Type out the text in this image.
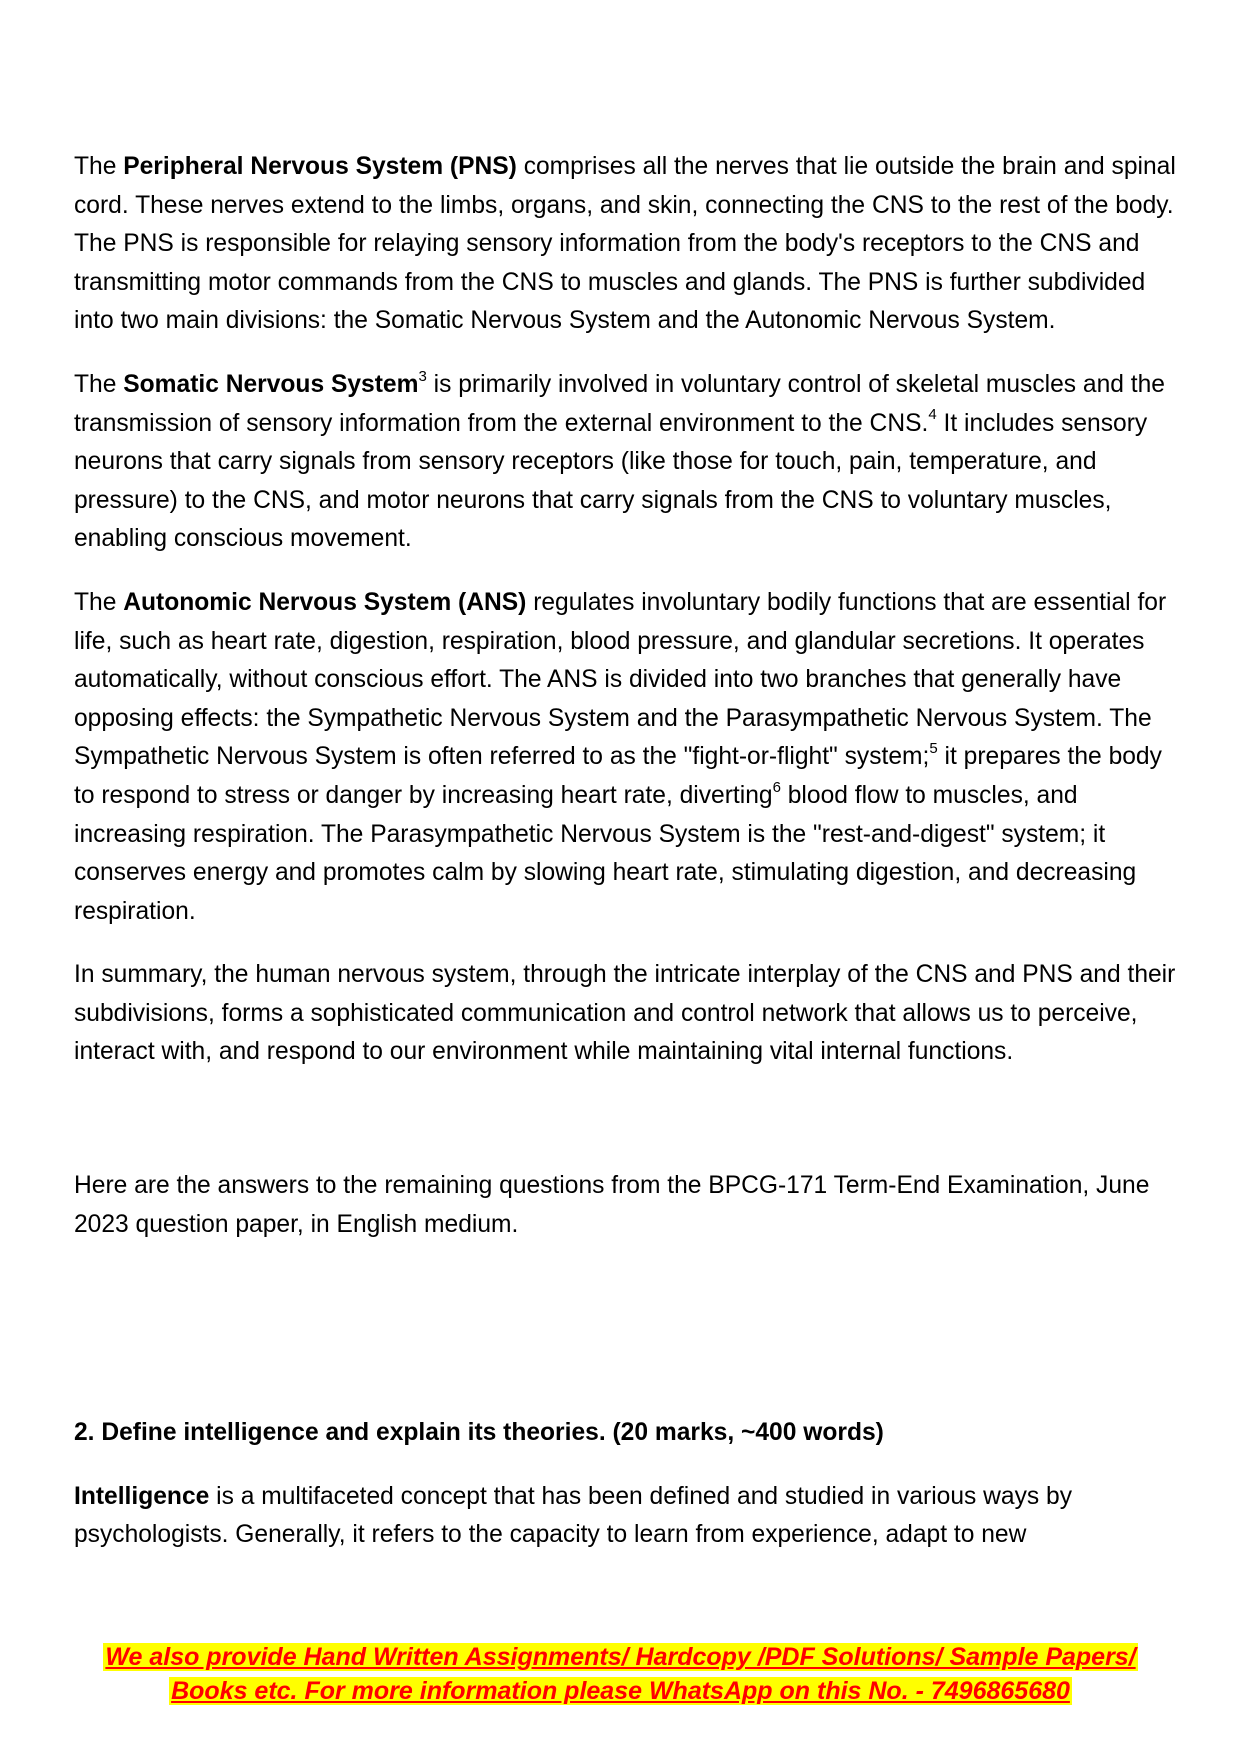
The Peripheral Nervous System (PNS) comprises all the nerves that lie outside the brain and spinal cord. These nerves extend to the limbs, organs, and skin, connecting the CNS to the rest of the body. The PNS is responsible for relaying sensory information from the body's receptors to the CNS and transmitting motor commands from the CNS to muscles and glands. The PNS is further subdivided into two main divisions: the Somatic Nervous System and the Autonomic Nervous System.

The Somatic Nervous System$^3$ is primarily involved in voluntary control of skeletal muscles and the transmission of sensory information from the external environment to the CNS.$^4$ It includes sensory neurons that carry signals from sensory receptors (like those for touch, pain, temperature, and pressure) to the CNS, and motor neurons that carry signals from the CNS to voluntary muscles, enabling conscious movement.

The Autonomic Nervous System (ANS) regulates involuntary bodily functions that are essential for life, such as heart rate, digestion, respiration, blood pressure, and glandular secretions. It operates automatically, without conscious effort. The ANS is divided into two branches that generally have opposing effects: the Sympathetic Nervous System and the Parasympathetic Nervous System. The Sympathetic Nervous System is often referred to as the "fight-or-flight" system;$^5$ it prepares the body to respond to stress or danger by increasing heart rate, diverting$^6$ blood flow to muscles, and increasing respiration. The Parasympathetic Nervous System is the "rest-and-digest" system; it conserves energy and promotes calm by slowing heart rate, stimulating digestion, and decreasing respiration.

In summary, the human nervous system, through the intricate interplay of the CNS and PNS and their subdivisions, forms a sophisticated communication and control network that allows us to perceive, interact with, and respond to our environment while maintaining vital internal functions.

Here are the answers to the remaining questions from the BPCG-171 Term-End Examination, June 2023 question paper, in English medium.

2. Define intelligence and explain its theories. (20 marks, ~400 words)

Intelligence is a multifaceted concept that has been defined and studied in various ways by psychologists. Generally, it refers to the capacity to learn from experience, adapt to new

We also provide Hand Written Assignments/ Hardcopy /PDF Solutions/ Sample Papers/
Books etc. For more information please WhatsApp on this No. - 7496865680
